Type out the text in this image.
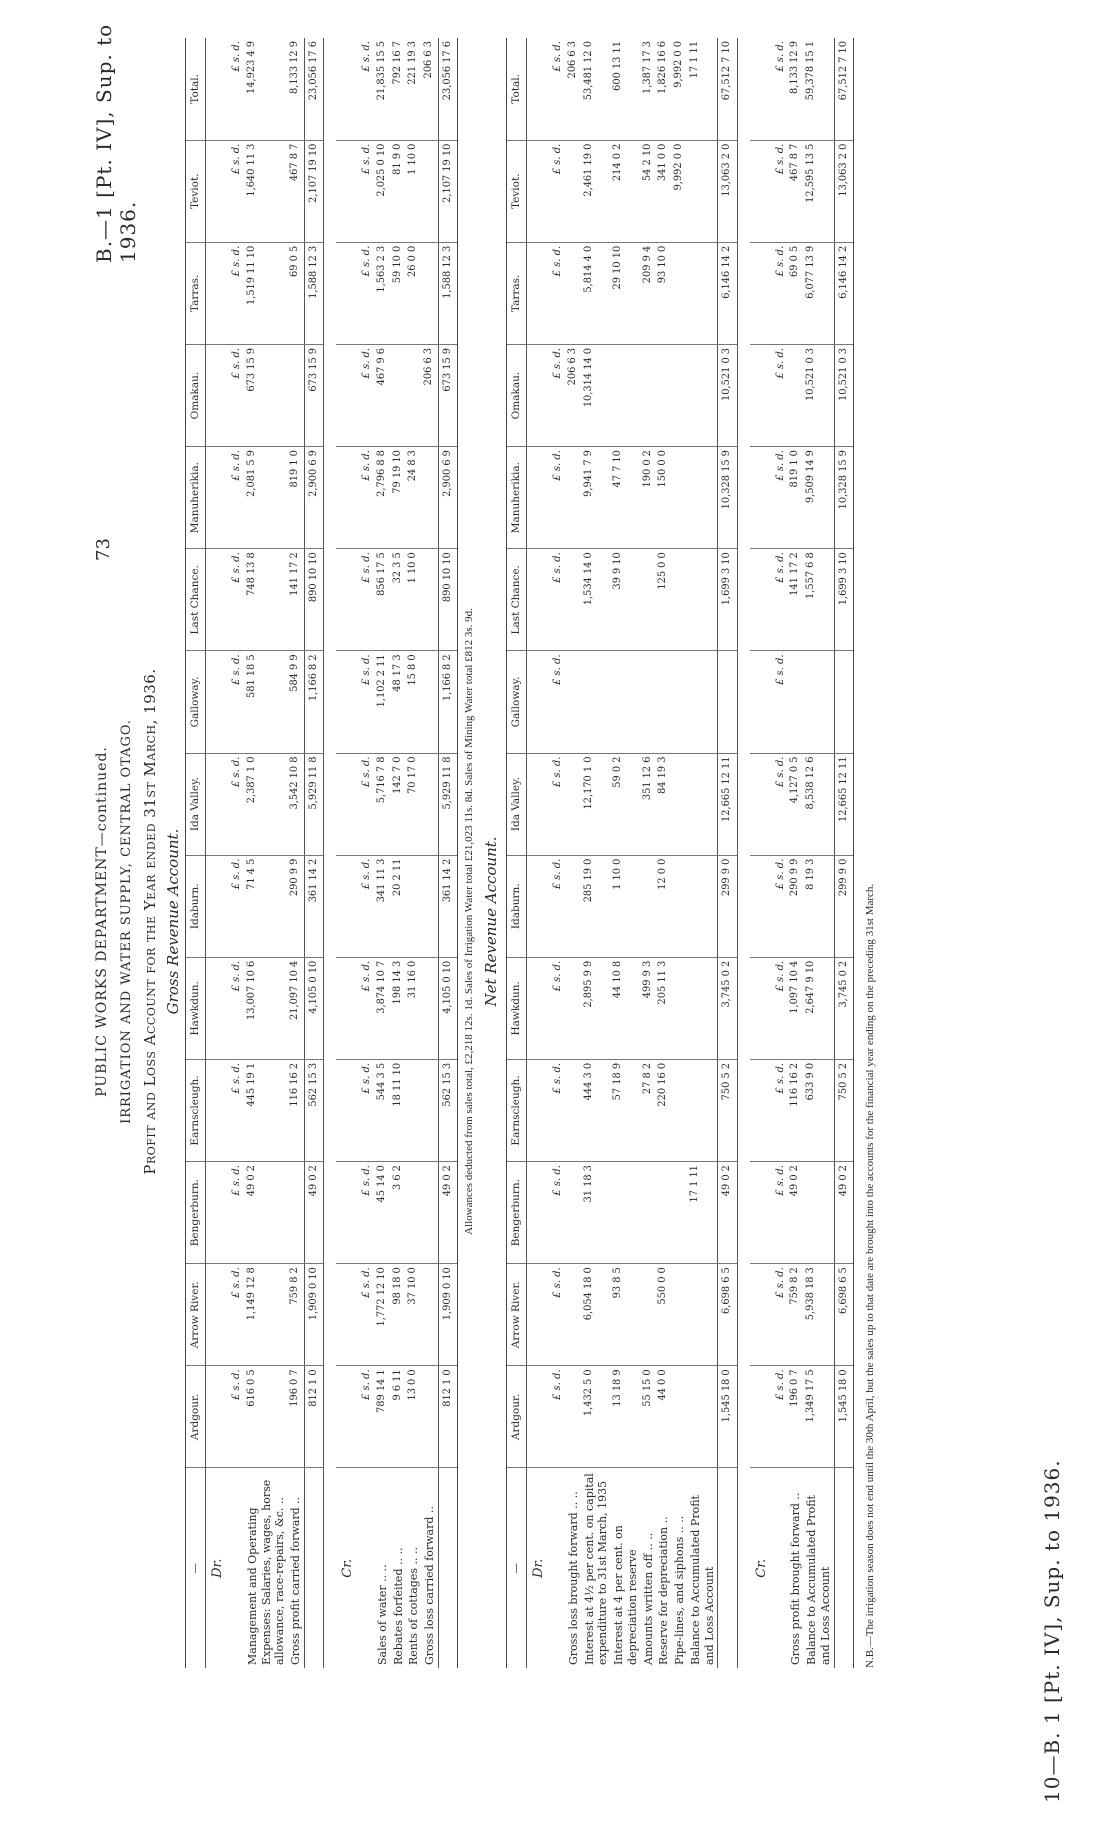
B.—1 [Pt. IV], Sup. to 1936.
73
10—B. 1 [Pt. IV], Sup. to 1936.
PUBLIC WORKS DEPARTMENT—continued. IRRIGATION AND WATER SUPPLY, CENTRAL OTAGO. Profit and Loss Account for the Year ended 31st March, 1936. Gross Revenue Account.
—	Ardgour.	Arrow River.	Bengerburn.	Earnscleugh.	Hawkdun.	Idaburn.	Ida Valley.	Galloway.	Last Chance.	Manuherikia.	Omakau.	Tarras.	Teviot.	Total.
Dr.														
	£ s. d.	£ s. d.	£ s. d.	£ s. d.	£ s. d.	£ s. d.	£ s. d.	£ s. d.	£ s. d.	£ s. d.	£ s. d.	£ s. d.	£ s. d.	£ s. d.
Management and Operating Expenses: Salaries, wages, horse allowance, race-repairs, &c. ..	616 0 5	1,149 12 8	49 0 2	445 19 1	13,007 10 6	71 4 5	2,387 1 0	581 18 5	748 13 8	2,081 5 9	673 15 9	1,519 11 10	1,640 11 3	14,923 4 9
Gross profit carried forward ..	196 0 7	759 8 2		116 16 2	21,097 10 4	290 9 9	3,542 10 8	584 9 9	141 17 2	819 1 0		69 0 5	467 8 7	8,133 12 9
	812 1 0	1,909 0 10	49 0 2	562 15 3	4,105 0 10	361 14 2	5,929 11 8	1,166 8 2	890 10 10	2,900 6 9	673 15 9	1,588 12 3	2,107 19 10	23,056 17 6

Cr.														
	£ s. d.	£ s. d.	£ s. d.	£ s. d.	£ s. d.	£ s. d.	£ s. d.	£ s. d.	£ s. d.	£ s. d.	£ s. d.	£ s. d.	£ s. d.	£ s. d.
Sales of water .. ..	789 14 1	1,772 12 10	45 14 0	544 3 5	3,874 10 7	341 11 3	5,716 7 8	1,102 2 11	856 17 5	2,796 8 8	467 9 6	1,563 2 3	2,025 0 10	21,835 15 5
Rebates forfeited .. ..	9 6 11	98 18 0	3 6 2	18 11 10	198 14 3	20 2 11	142 7 0	48 17 3	32 3 5	79 19 10		59 10 0	81 9 0	792 16 7
Rents of cottages .. ..	13 0 0	37 10 0			31 16 0		70 17 0	15 8 0	1 10 0	24 8 3		26 0 0	1 10 0	221 19 3
Gross loss carried forward ..											206 6 3			206 6 3
	812 1 0	1,909 0 10	49 0 2	562 15 3	4,105 0 10	361 14 2	5,929 11 8	1,166 8 2	890 10 10	2,900 6 9	673 15 9	1,588 12 3	2,107 19 10	23,056 17 6
Allowances deducted from sales total, £2,218 12s. 1d. Sales of Irrigation Water total £21,023 11s. 8d. Sales of Mining Water total £812 3s. 9d. Net Revenue Account.
—	Ardgour.	Arrow River.	Bengerburn.	Earnscleugh.	Hawkdun.	Idaburn.	Ida Valley.	Galloway.	Last Chance.	Manuherikia.	Omakau.	Tarras.	Teviot.	Total.
Dr.														
	£ s. d.	£ s. d.	£ s. d.	£ s. d.	£ s. d.	£ s. d.	£ s. d.	£ s. d.	£ s. d.	£ s. d.	£ s. d.	£ s. d.	£ s. d.	£ s. d.
Gross loss brought forward .. ..											206 6 3			206 6 3
Interest at 4½ per cent. on capital expenditure to 31st March, 1935	1,432 5 0	6,054 18 0	31 18 3	444 3 0	2,895 9 9	285 19 0	12,170 1 0		1,534 14 0	9,941 7 9	10,314 14 0	5,814 4 0	2,461 19 0	53,481 12 0
Interest at 4 per cent. on depreciation reserve	13 18 9	93 8 5		57 18 9	44 10 8	1 10 0	59 0 2		39 9 10	47 7 10		29 10 10	214 0 2	600 13 11
Amounts written off .. ..	55 15 0			27 8 2	499 9 3		351 12 6			190 0 2		209 9 4	54 2 10	1,387 17 3
Reserve for depreciation ..	44 0 0	550 0 0		220 16 0	205 11 3	12 0 0	84 19 3		125 0 0	150 0 0		93 10 0	341 0 0	1,826 16 6
Pipe-lines, and siphons .. ..													9,992 0 0	9,992 0 0
Balance to Accumulated Profit and Loss Account			17 1 11											17 1 11
	1,545 18 0	6,698 6 5	49 0 2	750 5 2	3,745 0 2	299 9 0	12,665 12 11		1,699 3 10	10,328 15 9	10,521 0 3	6,146 14 2	13,063 2 0	67,512 7 10

Cr.														
	£ s. d.	£ s. d.	£ s. d.	£ s. d.	£ s. d.	£ s. d.	£ s. d.	£ s. d.	£ s. d.	£ s. d.	£ s. d.	£ s. d.	£ s. d.	£ s. d.
Gross profit brought forward ..	196 0 7	759 8 2	49 0 2	116 16 2	1,097 10 4	290 9 9	4,127 0 5		141 17 2	819 1 0		69 0 5	467 8 7	8,133 12 9
Balance to Accumulated Profit and Loss Account	1,349 17 5	5,938 18 3		633 9 0	2,647 9 10	8 19 3	8,538 12 6		1,557 6 8	9,509 14 9	10,521 0 3	6,077 13 9	12,595 13 5	59,378 15 1
	1,545 18 0	6,698 6 5	49 0 2	750 5 2	3,745 0 2	299 9 0	12,665 12 11		1,699 3 10	10,328 15 9	10,521 0 3	6,146 14 2	13,063 2 0	67,512 7 10
N.B.—The irrigation season does not end until the 30th April, but the sales up to that date are brought into the accounts for the financial year ending on the preceding 31st March.
